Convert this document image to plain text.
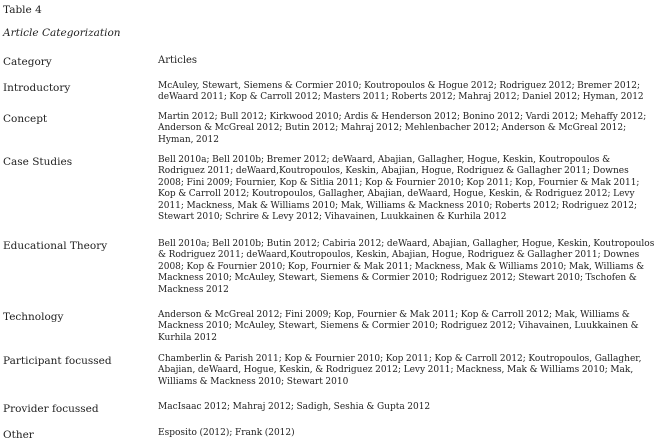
Table 4
Article Categorization
Category	Articles
Introductory	McAuley, Stewart, Siemens & Cormier 2010; Koutropoulos & Hogue 2012; Rodriguez 2012; Bremer 2012; deWaard 2011; Kop & Carroll 2012; Masters 2011; Roberts 2012; Mahraj 2012; Daniel 2012; Hyman, 2012
Concept	Martin 2012; Bull 2012; Kirkwood 2010; Ardis & Henderson 2012; Bonino 2012; Vardi 2012; Mehaffy 2012; Anderson & McGreal 2012; Butin 2012; Mahraj 2012; Mehlenbacher 2012; Anderson & McGreal 2012; Hyman, 2012
Case Studies	Bell 2010a; Bell 2010b; Bremer 2012; deWaard, Abajian, Gallagher, Hogue, Keskin, Koutropoulos & Rodriguez 2011; deWaard,Koutropoulos, Keskin, Abajian, Hogue, Rodriguez & Gallagher 2011; Downes 2008; Fini 2009; Fournier, Kop & Sitlia 2011; Kop & Fournier 2010; Kop 2011; Kop, Fournier & Mak 2011; Kop & Carroll 2012; Koutropoulos, Gallagher, Abajian, deWaard, Hogue, Keskin, & Rodriguez 2012; Levy 2011; Mackness, Mak & Williams 2010; Mak, Williams & Mackness 2010; Roberts 2012; Rodriguez 2012; Stewart 2010; Schrire & Levy 2012; Vihavainen, Luukkainen & Kurhila 2012
Educational Theory	Bell 2010a; Bell 2010b; Butin 2012; Cabiria 2012; deWaard, Abajian, Gallagher, Hogue, Keskin, Koutropoulos & Rodriguez 2011; deWaard,Koutropoulos, Keskin, Abajian, Hogue, Rodriguez & Gallagher 2011; Downes 2008; Kop & Fournier 2010; Kop, Fournier & Mak 2011; Mackness, Mak & Williams 2010; Mak, Williams & Mackness 2010; McAuley, Stewart, Siemens & Cormier 2010; Rodriguez 2012; Stewart 2010; Tschofen & Mackness 2012
Technology	Anderson & McGreal 2012; Fini 2009; Kop, Fournier & Mak 2011; Kop & Carroll 2012; Mak, Williams & Mackness 2010; McAuley, Stewart, Siemens & Cormier 2010; Rodriguez 2012; Vihavainen, Luukkainen & Kurhila 2012
Participant focussed	Chamberlin & Parish 2011; Kop & Fournier 2010; Kop 2011; Kop & Carroll 2012; Koutropoulos, Gallagher, Abajian, deWaard, Hogue, Keskin, & Rodriguez 2012; Levy 2011; Mackness, Mak & Williams 2010; Mak, Williams & Mackness 2010; Stewart 2010
Provider focussed	MacIsaac 2012; Mahraj 2012; Sadigh, Seshia & Gupta 2012
Other	Esposito (2012); Frank (2012)
